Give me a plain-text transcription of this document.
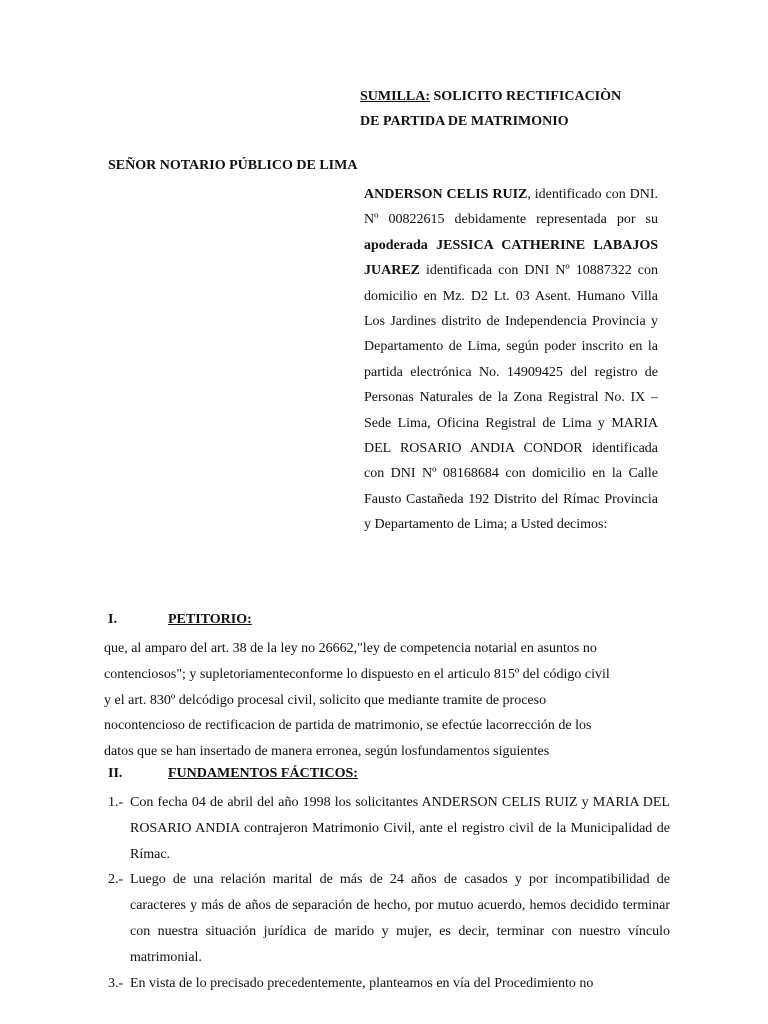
SUMILLA: SOLICITO RECTIFICACIÒN
DE PARTIDA DE MATRIMONIO
SEÑOR NOTARIO PÚBLICO DE LIMA
ANDERSON CELIS RUIZ, identificado con DNI. Nº 00822615 debidamente representada por su apoderada JESSICA CATHERINE LABAJOS JUAREZ identificada con DNI Nº 10887322 con domicilio en Mz. D2 Lt. 03 Asent. Humano Villa Los Jardines distrito de Independencia Provincia y Departamento de Lima, según poder inscrito en la partida electrónica No. 14909425 del registro de Personas Naturales de la Zona Registral No. IX – Sede Lima, Oficina Registral de Lima y MARIA DEL ROSARIO ANDIA CONDOR identificada con DNI Nº 08168684 con domicilio en la Calle Fausto Castañeda 192 Distrito del Rímac Provincia y Departamento de Lima; a Usted decimos:
I.	PETITORIO:
que, al amparo del art. 38 de la ley no 26662,"ley de competencia notarial en asuntos no
contenciosos"; y supletoriamenteconforme lo dispuesto en el articulo 815º del código civil
y el art. 830º delcódigo procesal civil, solicito que mediante tramite de proceso
nocontencioso de rectificacion de partida de matrimonio, se efectúe lacorrección de los
datos que se han insertado de manera erronea, según losfundamentos siguientes
II.	FUNDAMENTOS FÁCTICOS:
1.- Con fecha 04 de abril del año 1998 los solicitantes ANDERSON CELIS RUIZ y MARIA DEL ROSARIO ANDIA contrajeron Matrimonio Civil, ante el registro civil de la Municipalidad de Rímac.
2.- Luego de una relación marital de más de 24 años de casados y por incompatibilidad de caracteres y más de años de separación de hecho, por mutuo acuerdo, hemos decidido terminar con nuestra situación jurídica de marido y mujer, es decir, terminar con nuestro vínculo matrimonial.
3.- En vista de lo precisado precedentemente, planteamos en vía del Procedimiento no
